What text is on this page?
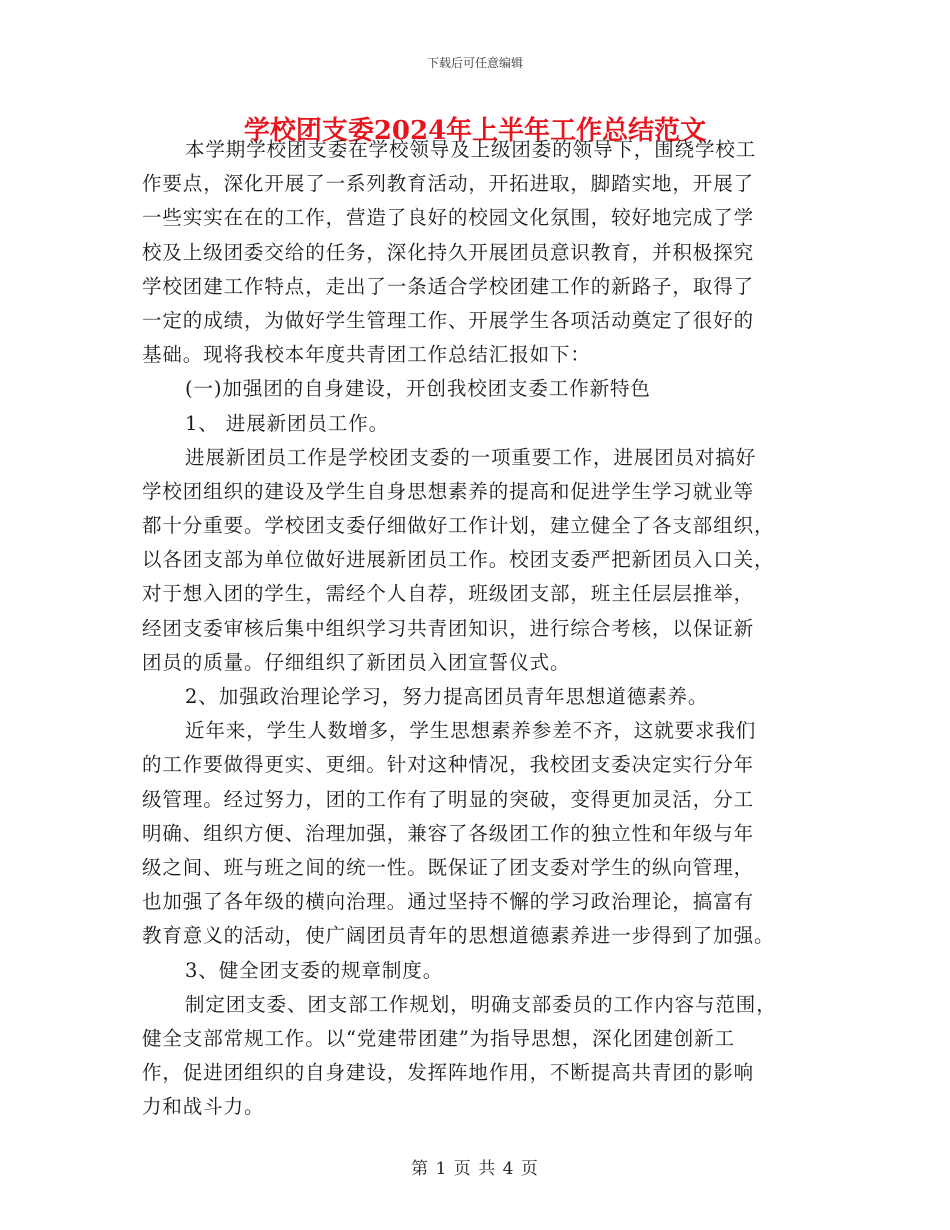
下载后可任意编辑
学校团支委2024年上半年工作总结范文
本学期学校团支委在学校领导及上级团委的领导下，围绕学校工
作要点，深化开展了一系列教育活动，开拓进取，脚踏实地，开展了
一些实实在在的工作，营造了良好的校园文化氛围，较好地完成了学
校及上级团委交给的任务，深化持久开展团员意识教育，并积极探究
学校团建工作特点，走出了一条适合学校团建工作的新路子，取得了
一定的成绩，为做好学生管理工作、开展学生各项活动奠定了很好的
基础。现将我校本年度共青团工作总结汇报如下：
(一)加强团的自身建设，开创我校团支委工作新特色
1、 进展新团员工作。
进展新团员工作是学校团支委的一项重要工作，进展团员对搞好
学校团组织的建设及学生自身思想素养的提高和促进学生学习就业等
都十分重要。学校团支委仔细做好工作计划，建立健全了各支部组织，
以各团支部为单位做好进展新团员工作。校团支委严把新团员入口关，
对于想入团的学生，需经个人自荐，班级团支部，班主任层层推举，
经团支委审核后集中组织学习共青团知识，进行综合考核，以保证新
团员的质量。仔细组织了新团员入团宣誓仪式。
2、加强政治理论学习，努力提高团员青年思想道德素养。
近年来，学生人数增多，学生思想素养参差不齐，这就要求我们
的工作要做得更实、更细。针对这种情况，我校团支委决定实行分年
级管理。经过努力，团的工作有了明显的突破，变得更加灵活，分工
明确、组织方便、治理加强，兼容了各级团工作的独立性和年级与年
级之间、班与班之间的统一性。既保证了团支委对学生的纵向管理，
也加强了各年级的横向治理。通过坚持不懈的学习政治理论，搞富有
教育意义的活动，使广阔团员青年的思想道德素养进一步得到了加强。
3、健全团支委的规章制度。
制定团支委、团支部工作规划，明确支部委员的工作内容与范围，
健全支部常规工作。以“党建带团建”为指导思想，深化团建创新工
作，促进团组织的自身建设，发挥阵地作用，不断提高共青团的影响
力和战斗力。
第 1 页 共 4 页
